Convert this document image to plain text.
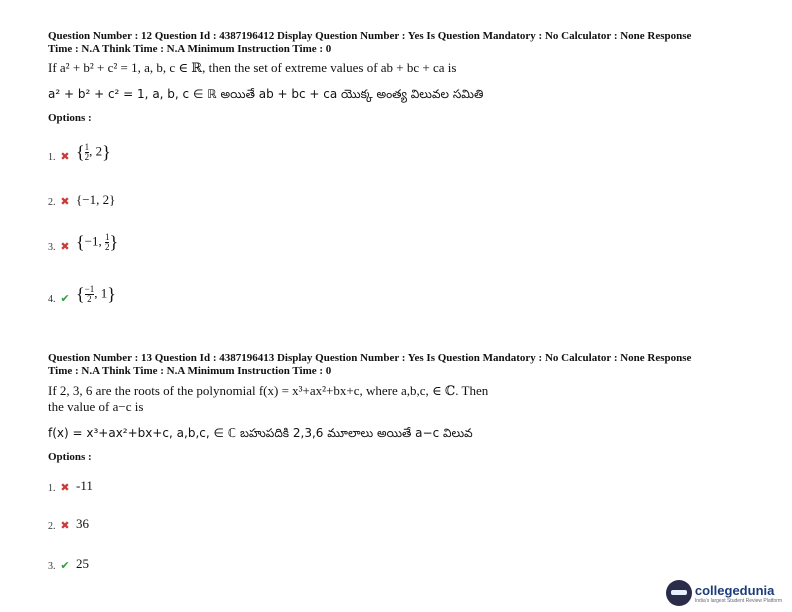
Question Number : 12 Question Id : 4387196412 Display Question Number : Yes Is Question Mandatory : No Calculator : None Response
Time : N.A Think Time : N.A Minimum Instruction Time : 0
If a² + b² + c² = 1, a, b, c ∈ ℝ, then the set of extreme values of ab + bc + ca is
a² + b² + c² = 1, a, b, c ∈ ℝ అయితే ab + bc + ca యొక్క అంత్య విలువల సమితి
Options :
1. ✖ { $\frac{1}{2}$ , 2}
2. ✖ {−1, 2}
3. ✖ {−1, $\frac{1}{2}$ }
4. ✔ { $\frac{-1}{2}$ , 1}
Question Number : 13 Question Id : 4387196413 Display Question Number : Yes Is Question Mandatory : No Calculator : None Response
Time : N.A Think Time : N.A Minimum Instruction Time : 0
If 2, 3, 6 are the roots of the polynomial f(x) = x³+ax²+bx+c, where a,b,c, ∈ ℂ. Then
the value of a−c is
f(x) = x³+ax²+bx+c, a,b,c, ∈ ℂ బహుపదికి 2,3,6 మూలాలు అయితే a−c విలువ
Options :
1. ✖ -11
2. ✖ 36
3. ✔ 25
collegedunia
India's largest Student Review Platform
